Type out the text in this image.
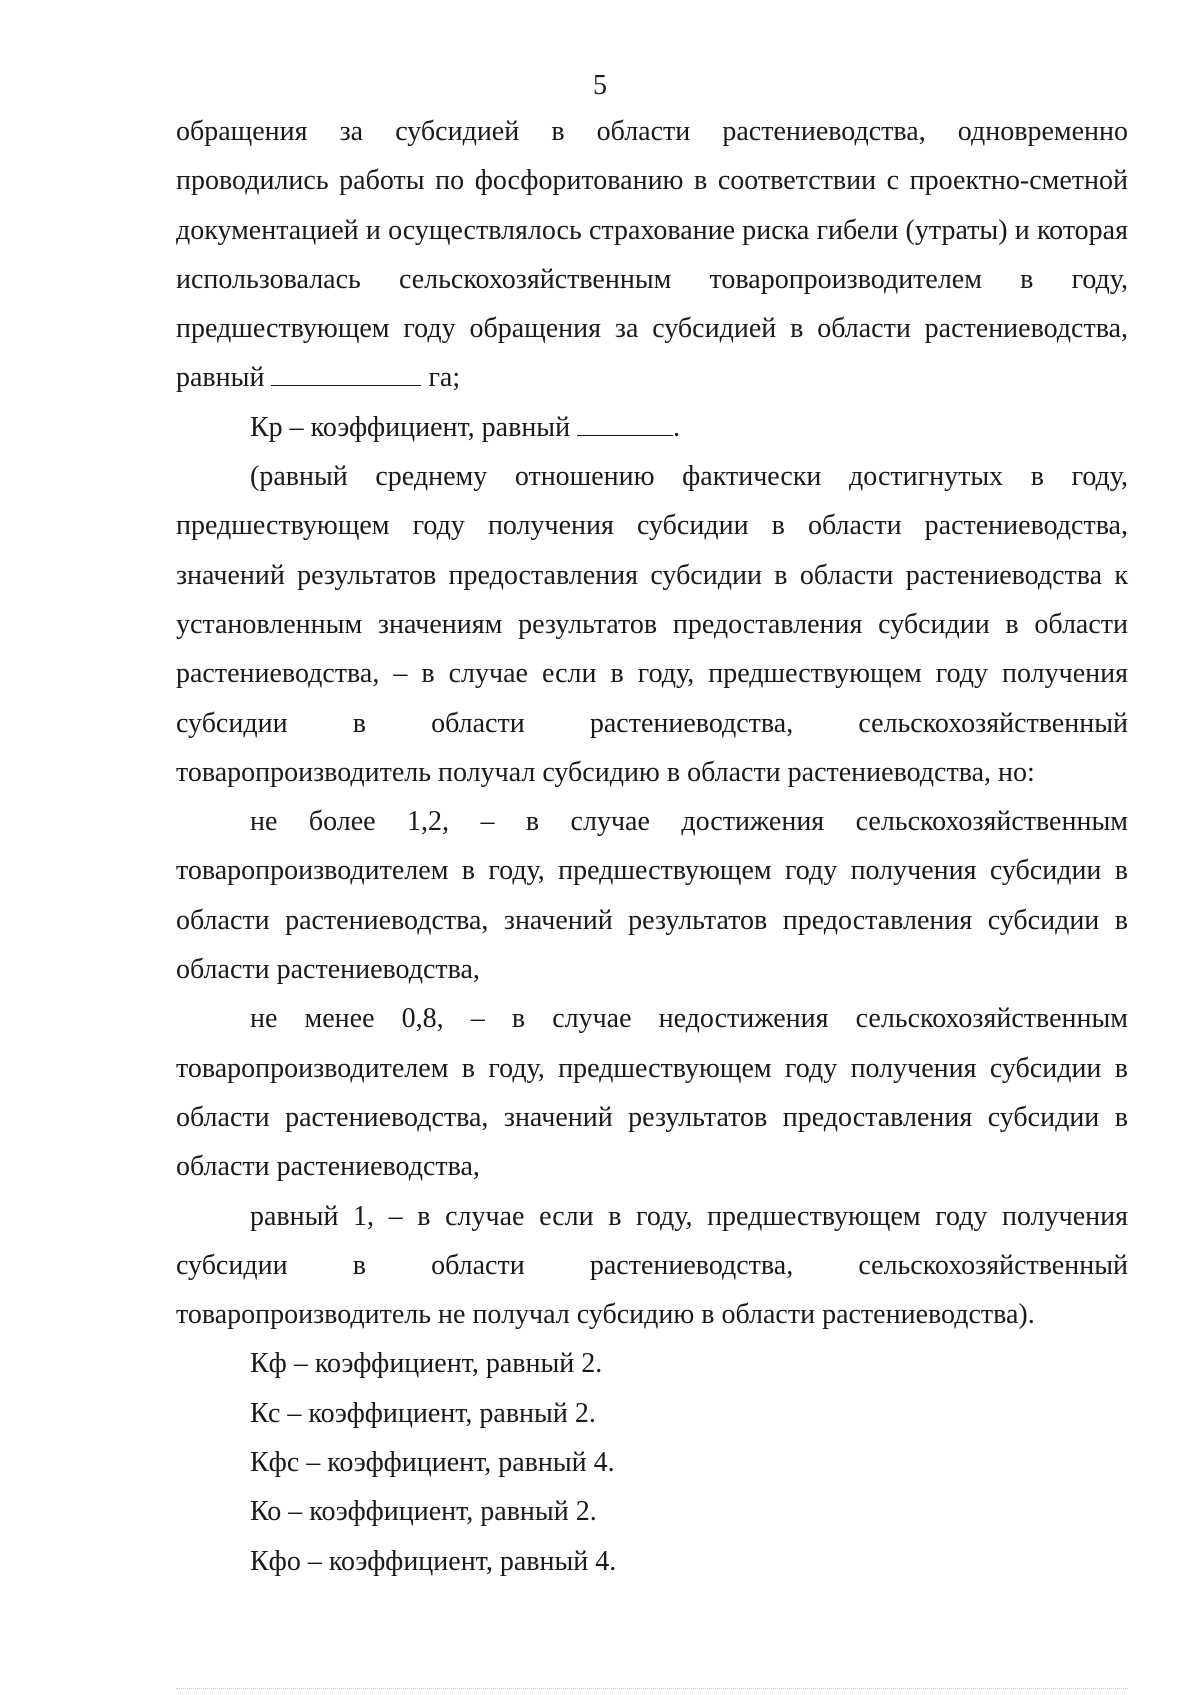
5

обращения за субсидией в области растениеводства, одновременно проводились работы по фосфоритованию в соответствии с проектно-сметной документацией и осуществлялось страхование риска гибели (утраты) и которая использовалась сельскохозяйственным товаропроизводителем в году, предшествующем году обращения за субсидией в области растениеводства, равный	га;

Кр – коэффициент, равный	.

(равный среднему отношению фактически достигнутых в году, предшествующем году получения субсидии в области растениеводства, значений результатов предоставления субсидии в области растениеводства к установленным значениям результатов предоставления субсидии в области растениеводства, – в случае если в году, предшествующем году получения субсидии в области растениеводства, сельскохозяйственный товаропроизводитель получал субсидию в области растениеводства, но:

не более 1,2, – в случае достижения сельскохозяйственным товаропроизводителем в году, предшествующем году получения субсидии в области растениеводства, значений результатов предоставления субсидии в области растениеводства,

не менее 0,8, – в случае недостижения сельскохозяйственным товаропроизводителем в году, предшествующем году получения субсидии в области растениеводства, значений результатов предоставления субсидии в области растениеводства,

равный 1, – в случае если в году, предшествующем году получения субсидии в области растениеводства, сельскохозяйственный товаропроизводитель не получал субсидию в области растениеводства).

Кф – коэффициент, равный 2.

Кс – коэффициент, равный 2.

Кфс – коэффициент, равный 4.

Ко – коэффициент, равный 2.

Кфо – коэффициент, равный 4.
